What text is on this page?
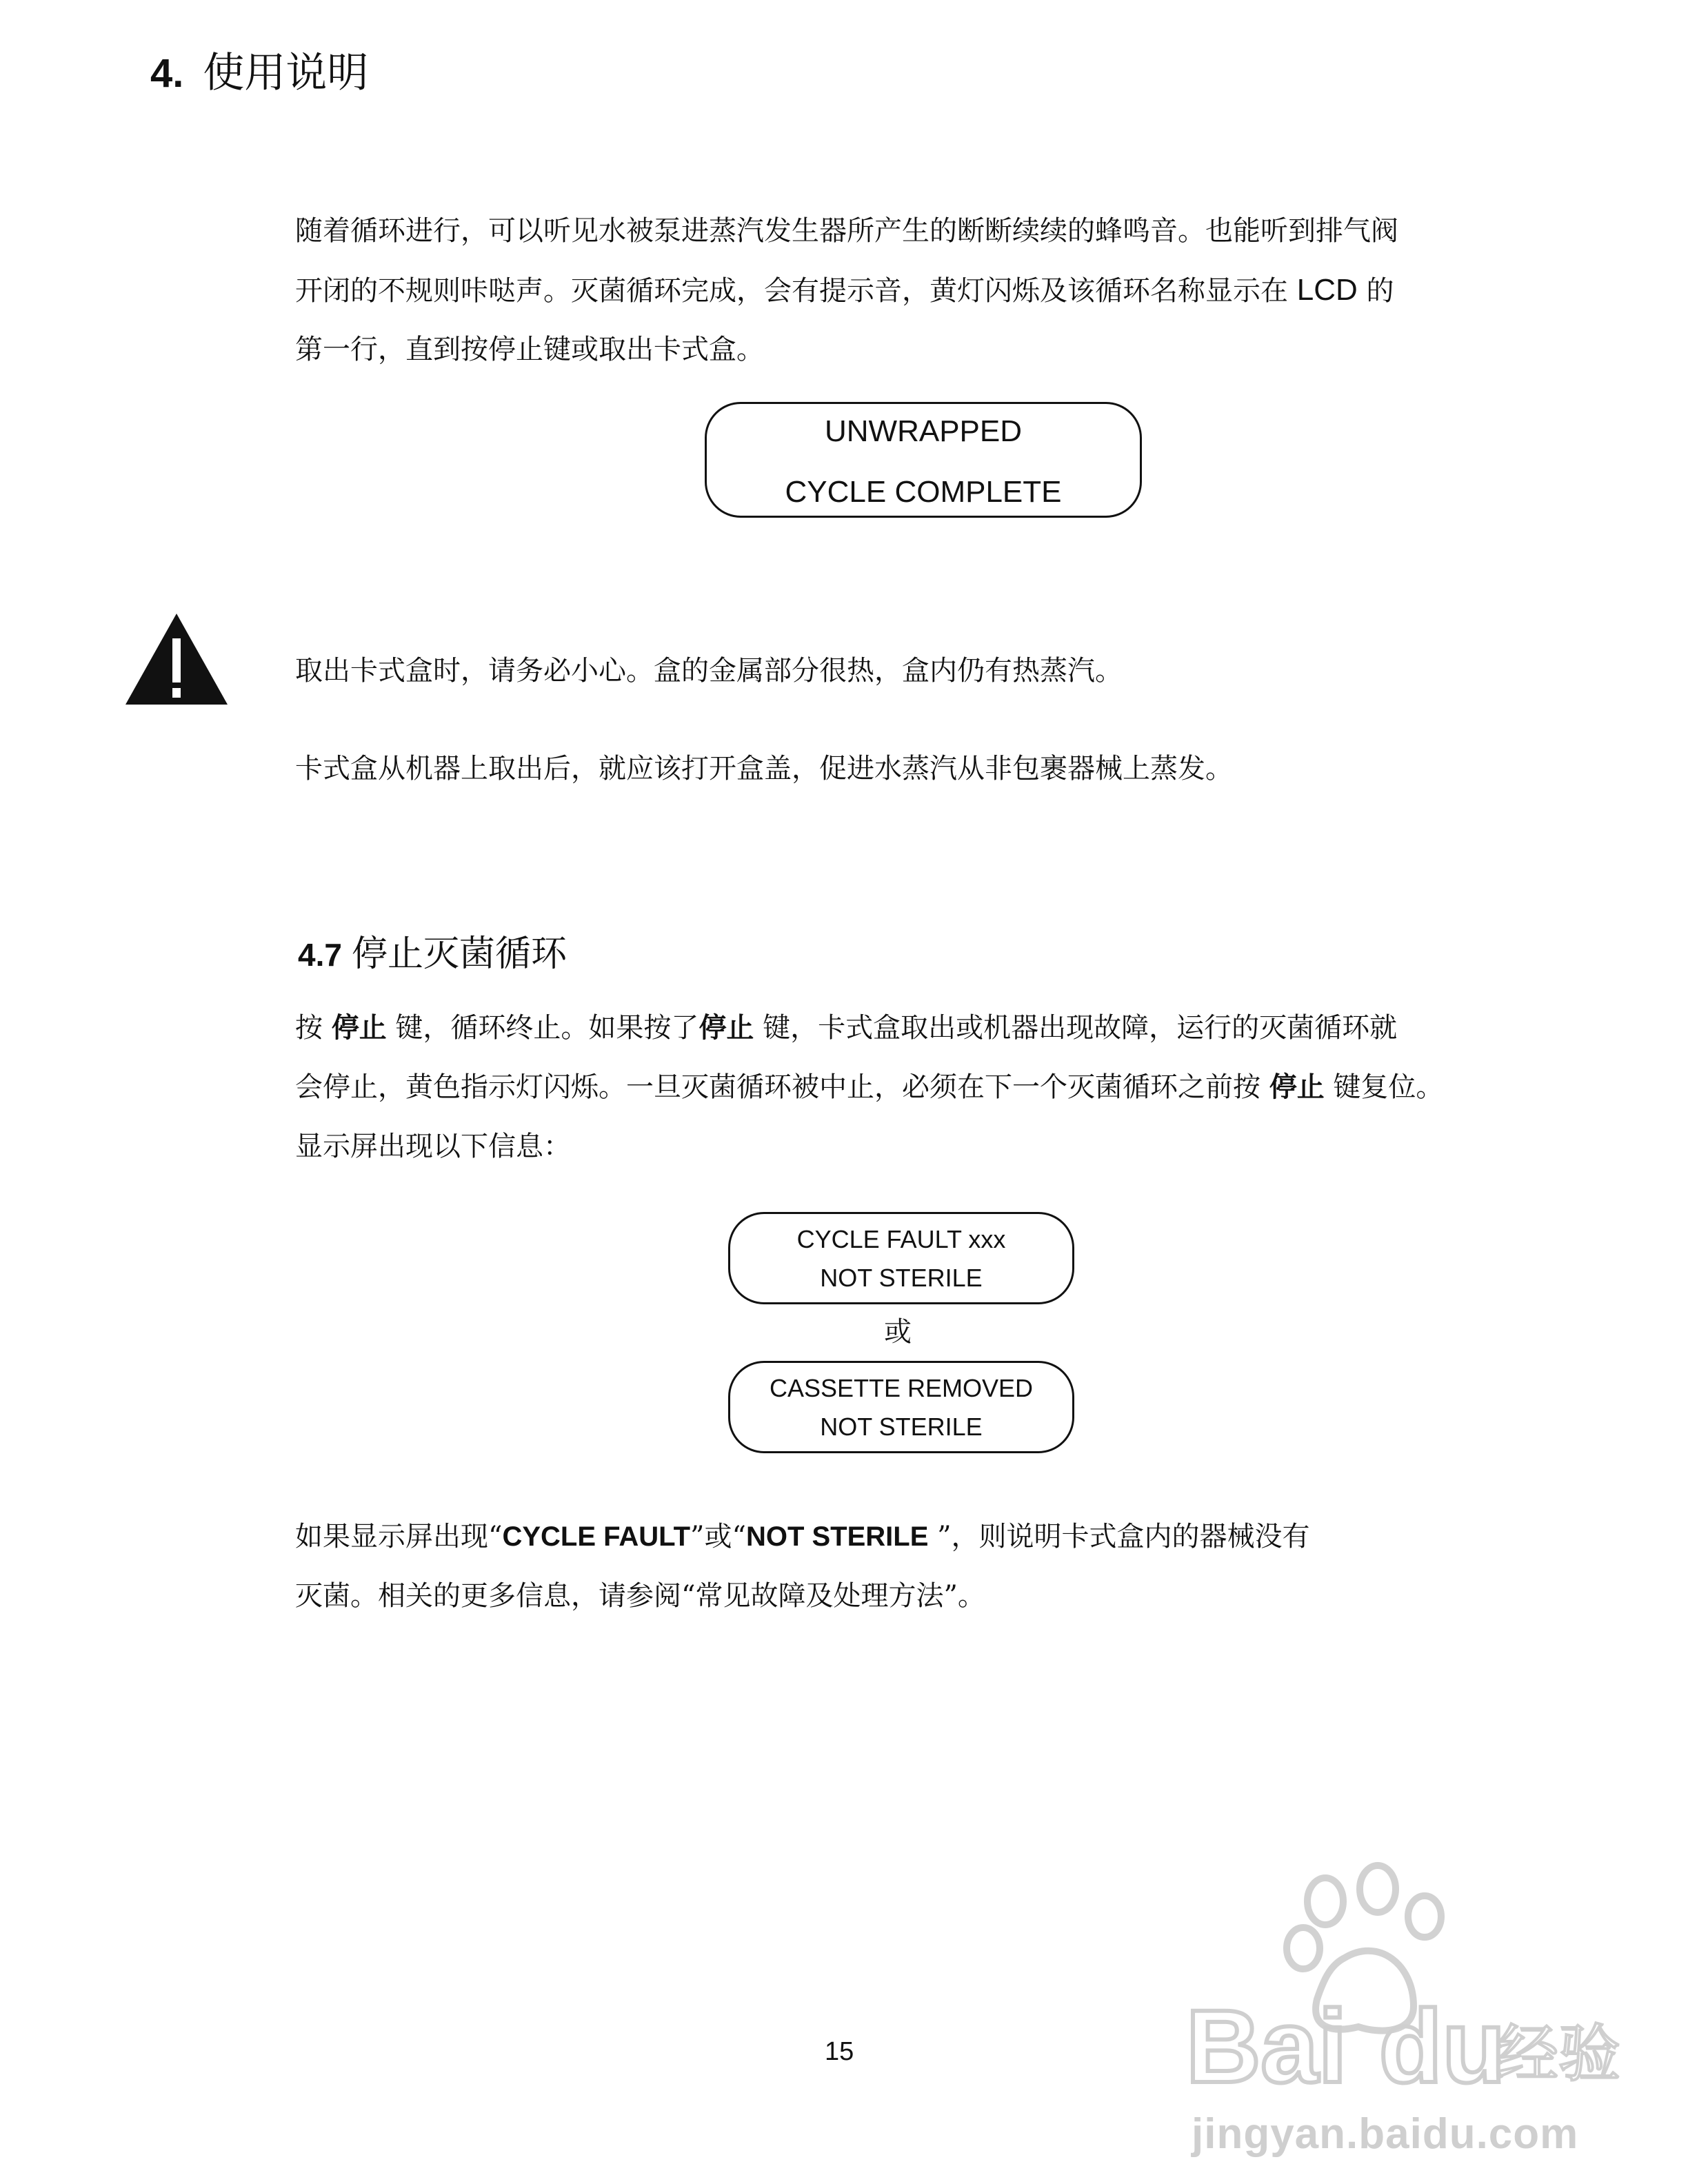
4. 使用说明
随着循环进行，可以听见水被泵进蒸汽发生器所产生的断断续续的蜂鸣音。也能听到排气阀
开闭的不规则咔哒声。灭菌循环完成，会有提示音，黄灯闪烁及该循环名称显示在 LCD 的
第一行，直到按停止键或取出卡式盒。
UNWRAPPED
CYCLE COMPLETE
取出卡式盒时，请务必小心。盒的金属部分很热，盒内仍有热蒸汽。
卡式盒从机器上取出后，就应该打开盒盖，促进水蒸汽从非包裹器械上蒸发。
4.7 停止灭菌循环
按 停止 键，循环终止。如果按了停止 键，卡式盒取出或机器出现故障，运行的灭菌循环就
会停止，黄色指示灯闪烁。一旦灭菌循环被中止，必须在下一个灭菌循环之前按 停止 键复位。
显示屏出现以下信息：
CYCLE FAULT xxx
NOT STERILE
或
CASSETTE REMOVED
NOT STERILE
如果显示屏出现“CYCLE FAULT”或“NOT STERILE ”，则说明卡式盒内的器械没有
灭菌。相关的更多信息，请参阅“常见故障及处理方法”。
15	Bai du
经验
jingyan.baidu.com
